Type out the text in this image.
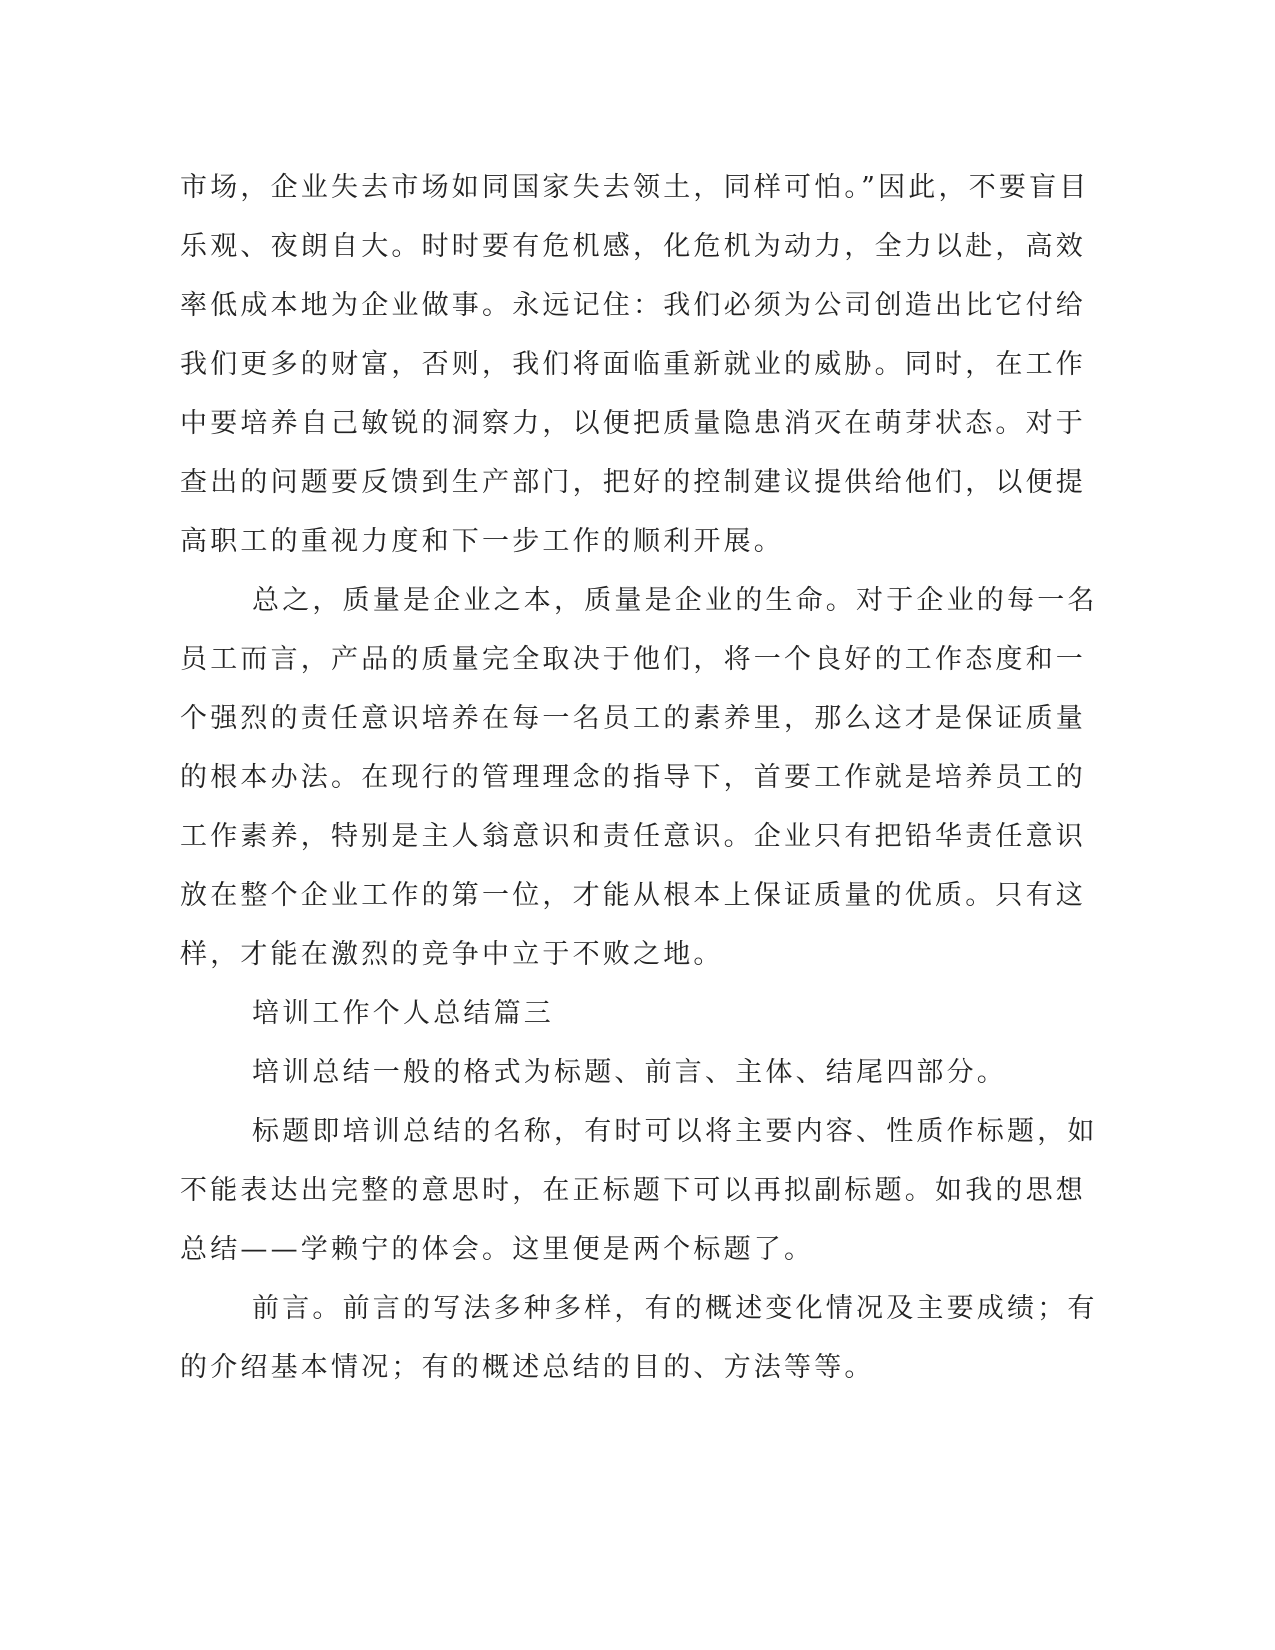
市场，企业失去市场如同国家失去领土，同样可怕。”因此，不要盲目
乐观、夜朗自大。时时要有危机感，化危机为动力，全力以赴，高效
率低成本地为企业做事。永远记住：我们必须为公司创造出比它付给
我们更多的财富，否则，我们将面临重新就业的威胁。同时，在工作
中要培养自己敏锐的洞察力，以便把质量隐患消灭在萌芽状态。对于
查出的问题要反馈到生产部门，把好的控制建议提供给他们，以便提
高职工的重视力度和下一步工作的顺利开展。
总之，质量是企业之本，质量是企业的生命。对于企业的每一名
员工而言，产品的质量完全取决于他们，将一个良好的工作态度和一
个强烈的责任意识培养在每一名员工的素养里，那么这才是保证质量
的根本办法。在现行的管理理念的指导下，首要工作就是培养员工的
工作素养，特别是主人翁意识和责任意识。企业只有把铅华责任意识
放在整个企业工作的第一位，才能从根本上保证质量的优质。只有这
样，才能在激烈的竞争中立于不败之地。
培训工作个人总结篇三
培训总结一般的格式为标题、前言、主体、结尾四部分。
标题即培训总结的名称，有时可以将主要内容、性质作标题，如
不能表达出完整的意思时，在正标题下可以再拟副标题。如我的思想
总结——学赖宁的体会。这里便是两个标题了。
前言。前言的写法多种多样，有的概述变化情况及主要成绩；有
的介绍基本情况；有的概述总结的目的、方法等等。
